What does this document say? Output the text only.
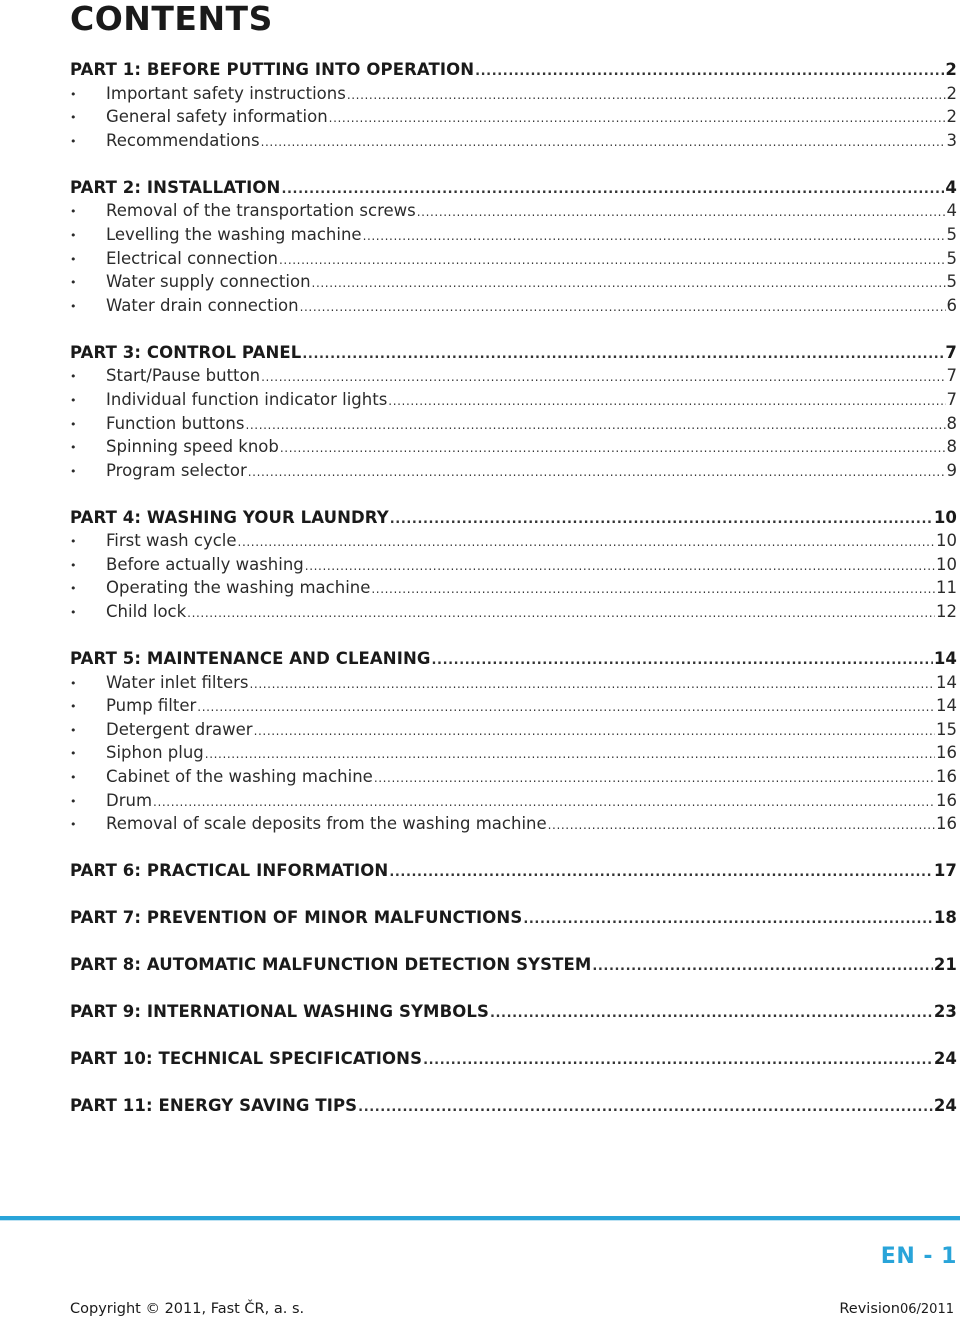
CONTENTS
PART 1: BEFORE PUTTING INTO OPERATION .....	2
•	Important safety instructions .....	2
•	General safety information .....	2
•	Recommendations .....	3
PART 2: INSTALLATION .....	4
•	Removal of the transportation screws .....	4
•	Levelling the washing machine .....	5
•	Electrical connection .....	5
•	Water supply connection .....	5
•	Water drain connection .....	6
PART 3: CONTROL PANEL .....	7
•	Start/Pause button .....	7
•	Individual function indicator lights .....	7
•	Function buttons .....	8
•	Spinning speed knob .....	8
•	Program selector .....	9
PART 4: WASHING YOUR LAUNDRY .....	10
•	First wash cycle .....	10
•	Before actually washing .....	10
•	Operating the washing machine .....	11
•	Child lock .....	12
PART 5: MAINTENANCE AND CLEANING .....	14
•	Water inlet filters .....	14
•	Pump filter .....	14
•	Detergent drawer .....	15
•	Siphon plug .....	16
•	Cabinet of the washing machine .....	16
•	Drum .....	16
•	Removal of scale deposits from the washing machine .....	16
PART 6: PRACTICAL INFORMATION .....	17
PART 7: PREVENTION OF MINOR MALFUNCTIONS .....	18
PART 8: AUTOMATIC MALFUNCTION DETECTION SYSTEM .....	21
PART 9: INTERNATIONAL WASHING SYMBOLS .....	23
PART 10: TECHNICAL SPECIFICATIONS .....	24
PART 11: ENERGY SAVING TIPS .....	24
EN - 1
Copyright © 2011, Fast ČR, a. s.	Revision06/2011
